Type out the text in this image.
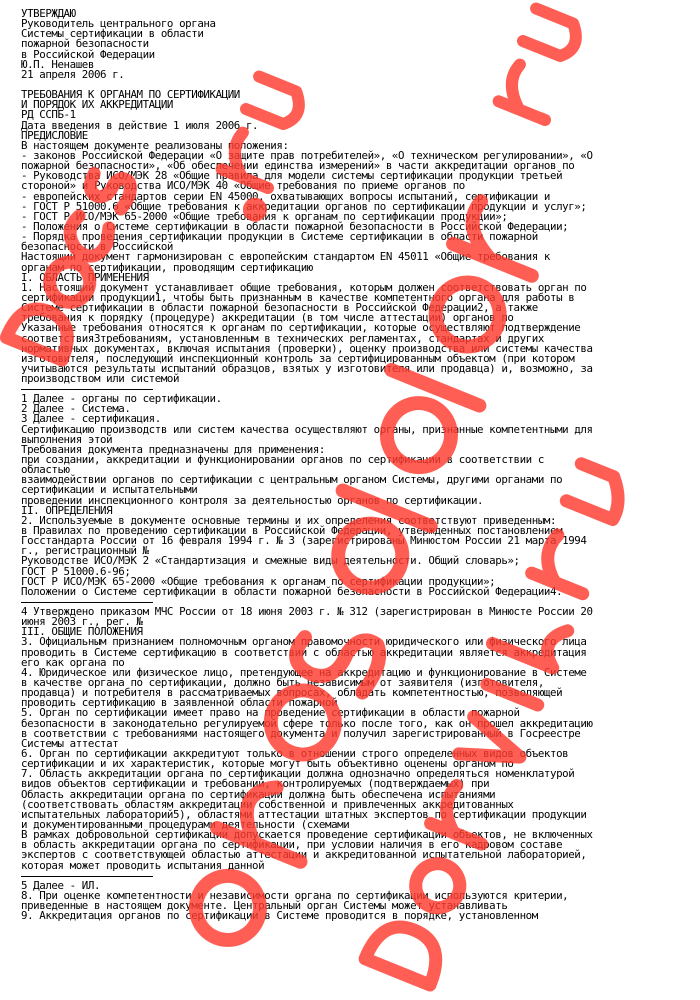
УТВЕРЖДАЮ
Руководитель центрального органа
Системы сертификации в области
пожарной безопасности
в Российской Федерации
Ю.П. Ненашев
21 апреля 2006 г.
ТРЕБОВАНИЯ К ОРГАНАМ ПО СЕРТИФИКАЦИИ
И ПОРЯДОК ИХ АККРЕДИТАЦИИ
РД ССПБ-1
Дата введения в действие 1 июля 2006 г.
ПРЕДИСЛОВИЕ
В настоящем документе реализованы положения:
- законов Российской Федерации «О защите прав потребителей», «О техническом регулировании», «О
пожарной безопасности», «Об обеспечении единства измерений» в части аккредитации органов по
- Руководства ИСО/МЭК 28 «Общие правила для модели системы сертификации продукции третьей
стороной» и Руководства ИСО/МЭК 40 «Общие требования по приеме органов по
- европейских стандартов серии EN 45000, охватывающих вопросы испытаний, сертификации и
- ГОСТ Р 51000.6 «Общие требования к аккредитации органов по сертификации продукции и услуг»;
- ГОСТ Р ИСО/МЭК 65-2000 «Общие требования к органам по сертификации продукции»;
- Положения о Системе сертификации в области пожарной безопасности в Российской Федерации;
- Порядка проведения сертификации продукции в Системе сертификации в области пожарной
безопасности в Российской
Настоящий документ гармонизирован с европейским стандартом EN 45011 «Общие требования к
органам по сертификации, проводящим сертификацию
I. ОБЛАСТЬ ПРИМЕНЕНИЯ
1. Настоящий документ устанавливает общие требования, которым должен соответствовать орган по
сертификации продукции1, чтобы быть признанным в качестве компетентного органа для работы в
Системе сертификации в области пожарной безопасности в Российской Федерации2, а также
требования к порядку (процедуре) аккредитации (в том числе аттестации) органов по
Указанные требования относятся к органам по сертификации, которые осуществляют подтверждение
соответствия3требованиям, установленным в технических регламентах, стандартах и других
нормативных документах, включая испытания (проверки), оценку производства или системы качества
изготовителя, последующий инспекционный контроль за сертифицированным объектом (при котором
учитываются результаты испытаний образцов, взятых у изготовителя или продавца) и, возможно, за
производством или системой
1 Далее - органы по сертификации.
2 Далее - Система.
3 Далее - сертификация.
Сертификацию производств или систем качества осуществляют органы, признанные компетентными для
выполнения этой
Требования документа предназначены для применения:
при создании, аккредитации и функционировании органов по сертификации в соответствии с
областью
взаимодействии органов по сертификации с центральным органом Системы, другими органами по
сертификации и испытательными
проведении инспекционного контроля за деятельностью органов по сертификации.
II. ОПРЕДЕЛЕНИЯ
2. Используемые в документе основные термины и их определения соответствуют приведенным:
в Правилах по проведению сертификации в Российской Федерации, утвержденных постановлением
Госстандарта России от 16 февраля 1994 г. № 3 (зарегистрированы Минюстом России 21 марта 1994
г., регистрационный №
Руководстве ИСО/МЭК 2 «Стандартизация и смежные виды деятельности. Общий словарь»;
ГОСТ Р 51000.6-96;
ГОСТ Р ИСО/МЭК 65-2000 «Общие требования к органам по сертификации продукции»;
Положении о Системе сертификации в области пожарной безопасности в Российской Федерации4.
4 Утверждено приказом МЧС России от 18 июня 2003 г. № 312 (зарегистрирован в Минюсте России 20
июня 2003 г., рег. №
III. ОБЩИЕ ПОЛОЖЕНИЯ
3. Официальным признанием полномочным органом правомочности юридического или физического лица
проводить в Системе сертификацию в соответствии с областью аккредитации является аккредитация
его как органа по
4. Юридическое или физическое лицо, претендующее на аккредитацию и функционирование в Системе
в качестве органа по сертификации, должно быть независимым от заявителя (изготовителя,
продавца) и потребителя в рассматриваемых вопросах, обладать компетентностью, позволяющей
проводить сертификацию в заявленной области пожарной
5. Орган по сертификации имеет право на проведение сертификации в области пожарной
безопасности в законодательно регулируемой сфере только после того, как он прошел аккредитацию
в соответствии с требованиями настоящего документа и получил зарегистрированный в Госреестре
Системы аттестат
6. Орган по сертификации аккредитуют только в отношении строго определенных видов объектов
сертификации и их характеристик, которые могут быть объективно оценены органом по
7. Область аккредитации органа по сертификации должна однозначно определяться номенклатурой
видов объектов сертификации и требований, контролируемых (подтверждаемых) при
Область аккредитации органа по сертификации должна быть обеспечена испытаниями
(соответствовать областям аккредитации собственной и привлеченных аккредитованных
испытательных лабораторий5), областями аттестации штатных экспертов по сертификации продукции
и документированными процедурами деятельности (схемами
В рамках добровольной сертификации допускается проведение сертификации объектов, не включенных
в область аккредитации органа по сертификации, при условии наличия в его кадровом составе
экспертов с соответствующей областью аттестации и аккредитованной испытательной лабораторией,
которая может проводить испытания данной
5 Далее - ИЛ.
8. При оценке компетентности и независимости органа по сертификации используются критерии,
приведенные в настоящем документе. Центральный орган Системы может устанавливать
9. Аккредитация органов по сертификации в Системе проводится в порядке, установленном
